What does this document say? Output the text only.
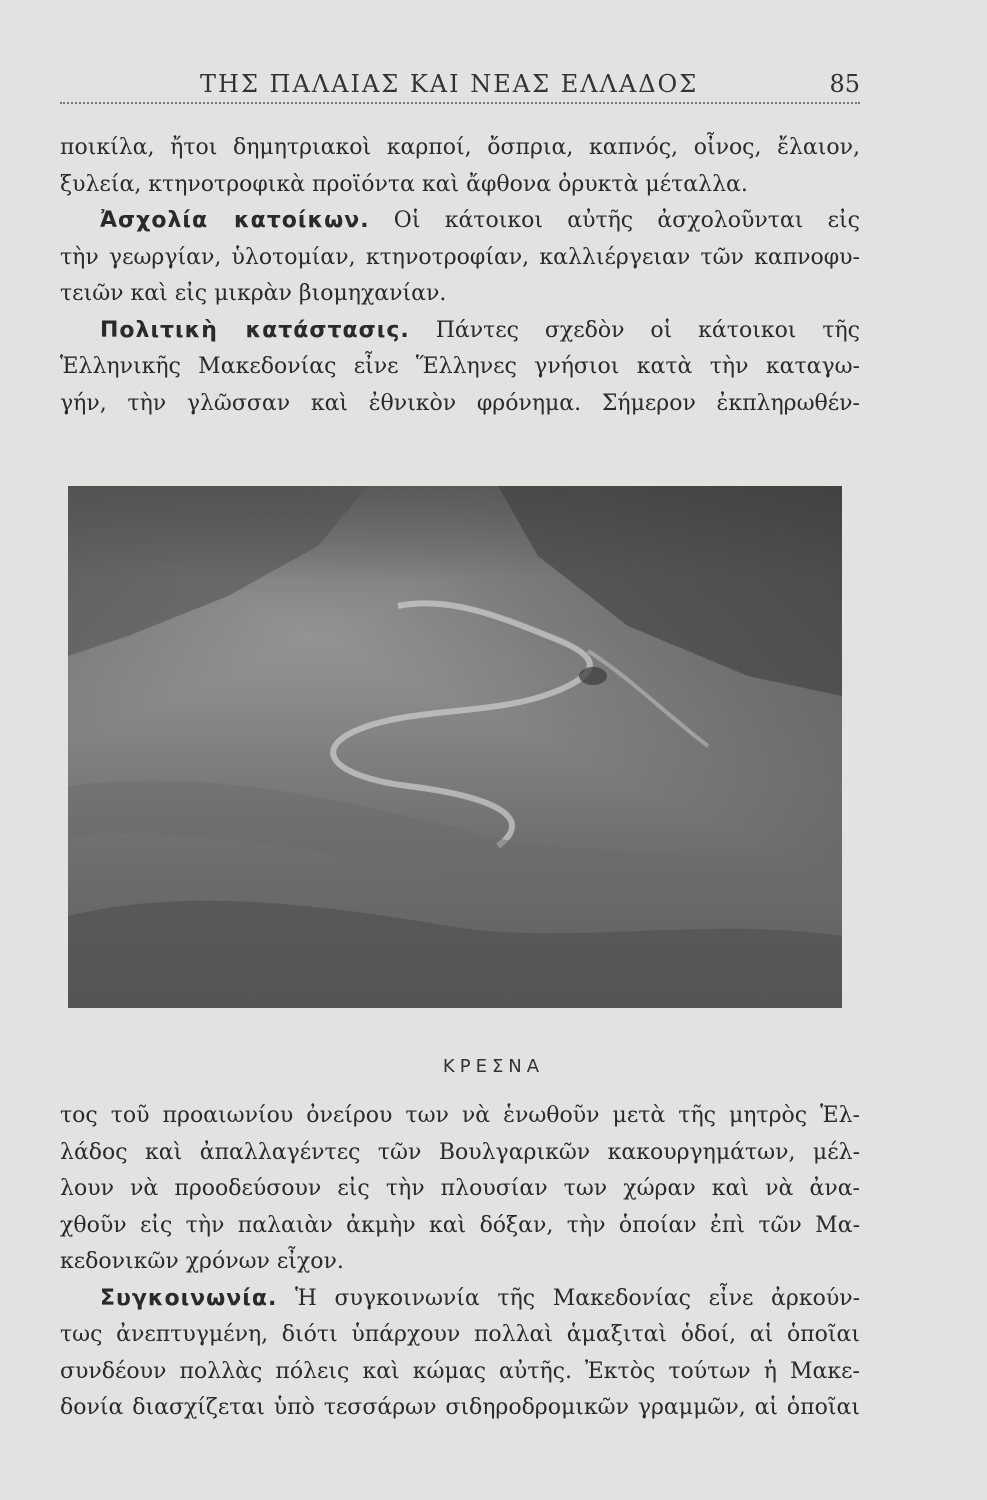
ΤΗΣ ΠΑΛΑΙΑΣ ΚΑΙ ΝΕΑΣ ΕΛΛΑΔΟΣ	85

ποικίλα, ἤτοι δημητριακοὶ καρποί, ὄσπρια, καπνός, οἶνος, ἔλαιον,

ξυλεία, κτηνοτροφικὰ προϊόντα καὶ ἄφθονα ὀρυκτὰ μέταλλα.

Ἀσχολία κατοίκων. Οἱ κάτοικοι αὐτῆς ἀσχολοῦνται εἰς

τὴν γεωργίαν, ὑλοτομίαν, κτηνοτροφίαν, καλλιέργειαν τῶν καπνοφυ-

τειῶν καὶ εἰς μικρὰν βιομηχανίαν.

Πολιτικὴ κατάστασις. Πάντες σχεδὸν οἱ κάτοικοι τῆς

Ἑλληνικῆς Μακεδονίας εἶνε Ἕλληνες γνήσιοι κατὰ τὴν καταγω-

γήν, τὴν γλῶσσαν καὶ ἐθνικὸν φρόνημα. Σήμερον ἐκπληρωθέν-

ΚΡΕΣΝΑ

τος τοῦ προαιωνίου ὀνείρου των νὰ ἑνωθοῦν μετὰ τῆς μητρὸς Ἑλ-

λάδος καὶ ἀπαλλαγέντες τῶν Βουλγαρικῶν κακουργημάτων, μέλ-

λουν νὰ προοδεύσουν εἰς τὴν πλουσίαν των χώραν καὶ νὰ ἀνα-

χθοῦν εἰς τὴν παλαιὰν ἀκμὴν καὶ δόξαν, τὴν ὁποίαν ἐπὶ τῶν Μα-

κεδονικῶν χρόνων εἶχον.

Συγκοινωνία. Ἡ συγκοινωνία τῆς Μακεδονίας εἶνε ἀρκούν-

τως ἀνεπτυγμένη, διότι ὑπάρχουν πολλαὶ ἁμαξιταὶ ὁδοί, αἱ ὁποῖαι

συνδέουν πολλὰς πόλεις καὶ κώμας αὐτῆς. Ἐκτὸς τούτων ἡ Μακε-

δονία διασχίζεται ὑπὸ τεσσάρων σιδηροδρομικῶν γραμμῶν, αἱ ὁποῖαι
